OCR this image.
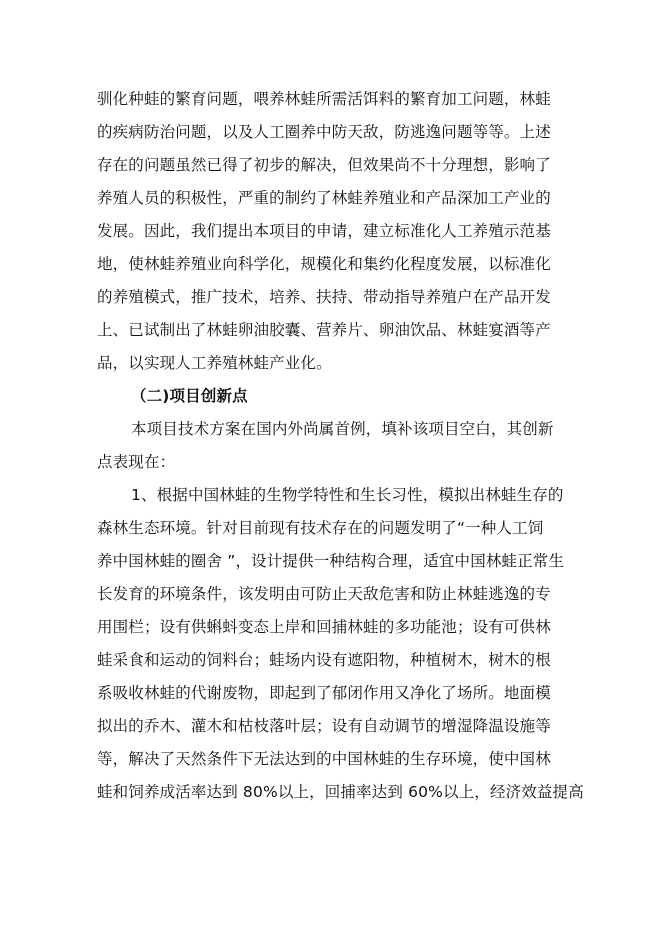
驯化种蛙的繁育问题，喂养林蛙所需活饵料的繁育加工问题，林蛙
的疾病防治问题，以及人工圈养中防天敌，防逃逸问题等等。上述
存在的问题虽然已得了初步的解决，但效果尚不十分理想，影响了
养殖人员的积极性，严重的制约了林蛙养殖业和产品深加工产业的
发展。因此，我们提出本项目的申请，建立标准化人工养殖示范基
地，使林蛙养殖业向科学化，规模化和集约化程度发展，以标准化
的养殖模式，推广技术，培养、扶持、带动指导养殖户在产品开发
上、已试制出了林蛙卵油胶囊、营养片、卵油饮品、林蛙宴酒等产
品，以实现人工养殖林蛙产业化。
（二)项目创新点
本项目技术方案在国内外尚属首例，填补该项目空白，其创新
点表现在：
1、根据中国林蛙的生物学特性和生长习性，模拟出林蛙生存的
森林生态环境。针对目前现有技术存在的问题发明了“一种人工饲
养中国林蛙的圈舍 ”，设计提供一种结构合理，适宜中国林蛙正常生
长发育的环境条件，该发明由可防止天敌危害和防止林蛙逃逸的专
用围栏；设有供蝌蚪变态上岸和回捕林蛙的多功能池；设有可供林
蛙采食和运动的饲料台；蛙场内设有遮阳物，种植树木，树木的根
系吸收林蛙的代谢废物，即起到了郁闭作用又净化了场所。地面模
拟出的乔木、灌木和枯枝落叶层；设有自动调节的增湿降温设施等
等，解决了天然条件下无法达到的中国林蛙的生存环境，使中国林
蛙和饲养成活率达到 80%以上，回捕率达到 60%以上，经济效益提高
